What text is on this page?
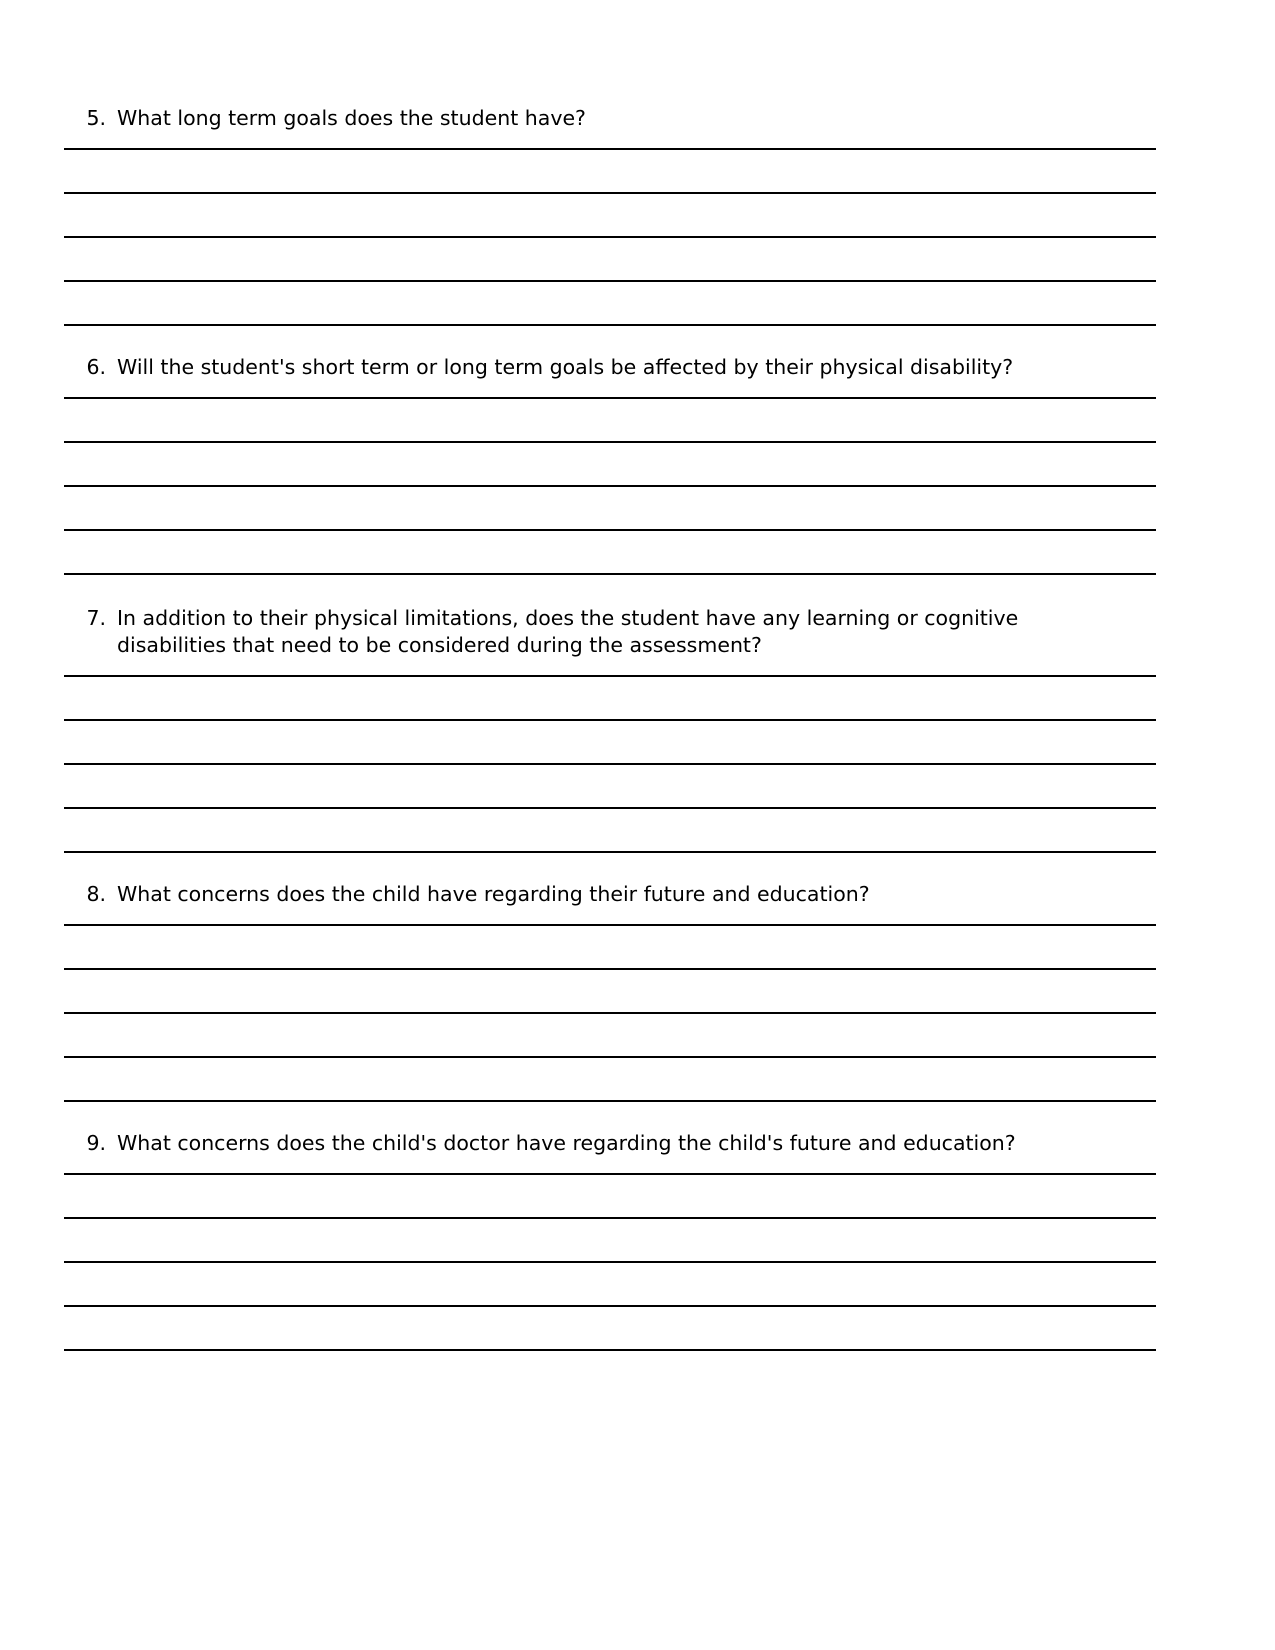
5. What long term goals does the student have?
6. Will the student's short term or long term goals be affected by their physical disability?
7. In addition to their physical limitations, does the student have any learning or cognitive disabilities that need to be considered during the assessment?
8. What concerns does the child have regarding their future and education?
9. What concerns does the child's doctor have regarding the child's future and education?
